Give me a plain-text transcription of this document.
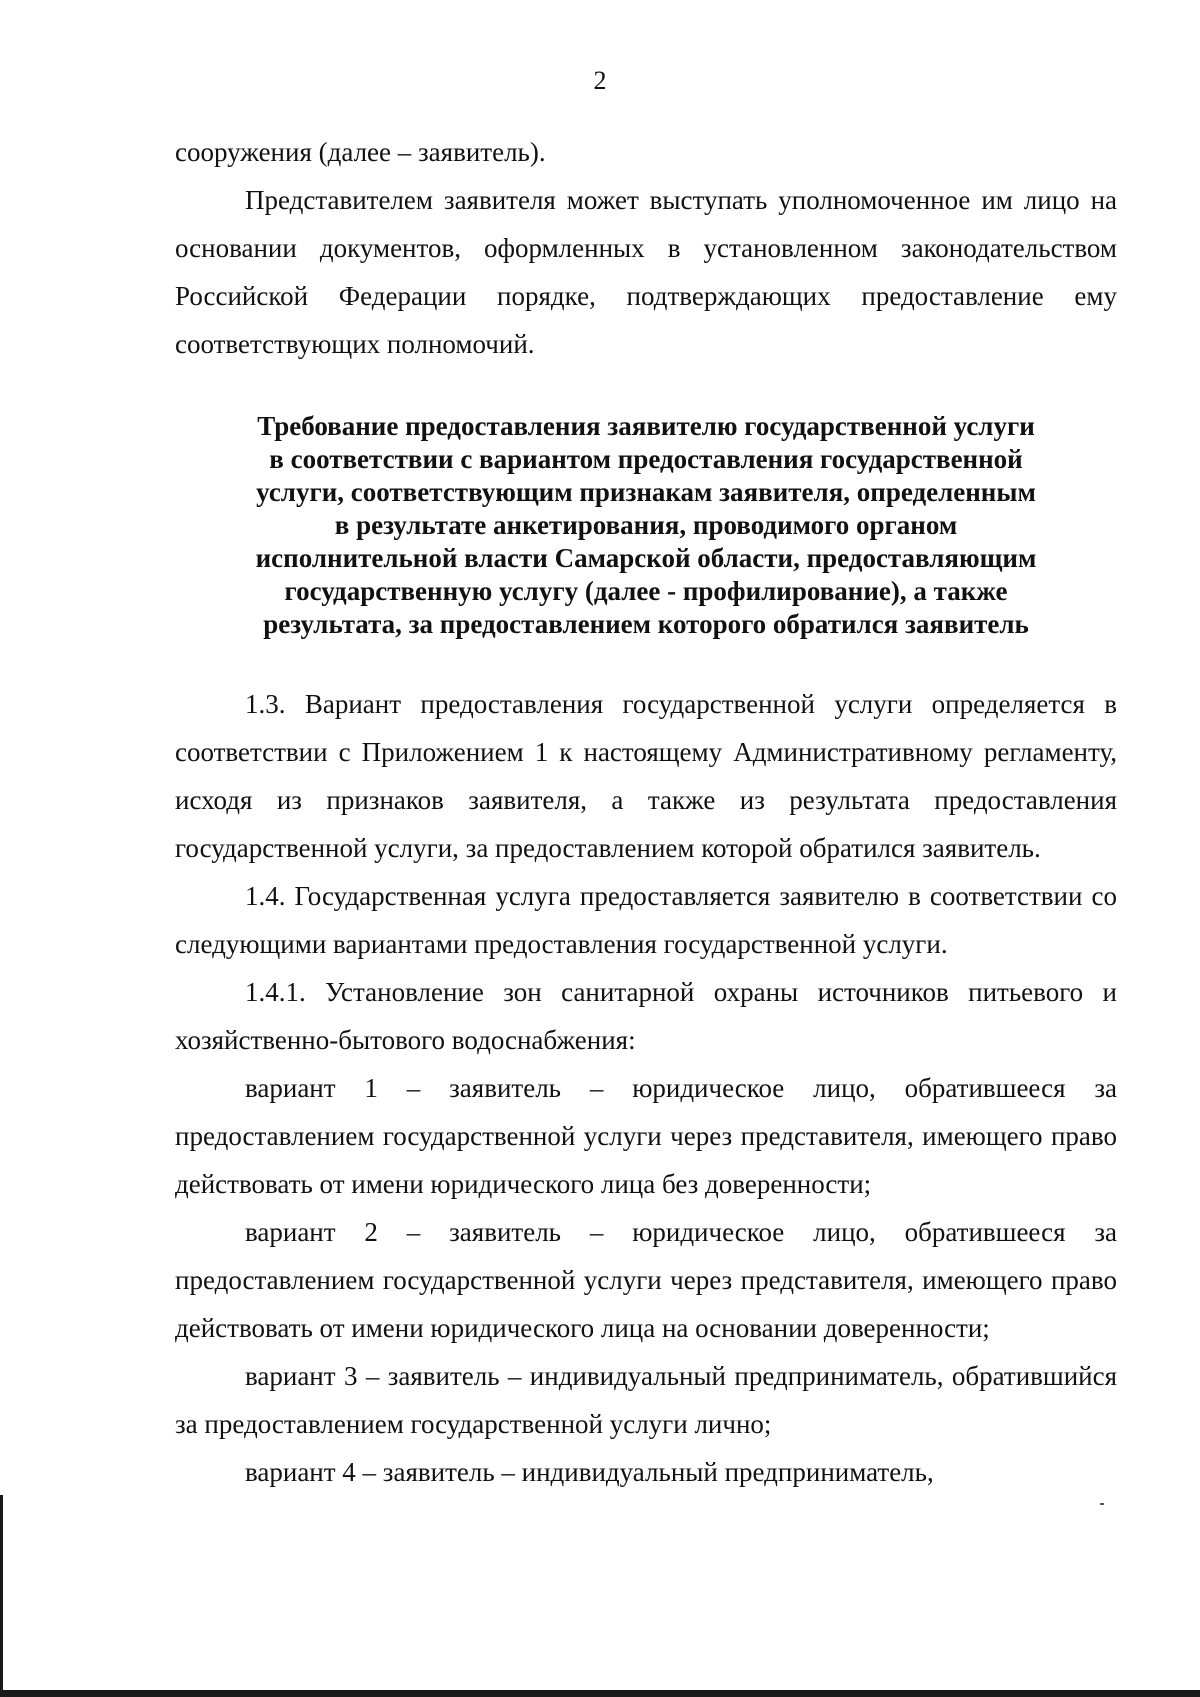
2

сооружения (далее – заявитель).

Представителем заявителя может выступать уполномоченное им лицо на основании документов, оформленных в установленном законодательством Российской Федерации порядке, подтверждающих предоставление ему соответствующих полномочий.

Требование предоставления заявителю государственной услуги
в соответствии с вариантом предоставления государственной
услуги, соответствующим признакам заявителя, определенным
в результате анкетирования, проводимого органом
исполнительной власти Самарской области, предоставляющим
государственную услугу (далее - профилирование), а также
результата, за предоставлением которого обратился заявитель

1.3. Вариант предоставления государственной услуги определяется в соответствии с Приложением 1 к настоящему Административному регламенту, исходя из признаков заявителя, а также из результата предоставления государственной услуги, за предоставлением которой обратился заявитель.

1.4. Государственная услуга предоставляется заявителю в соответствии со следующими вариантами предоставления государственной услуги.

1.4.1. Установление зон санитарной охраны источников питьевого и хозяйственно-бытового водоснабжения:

вариант 1 – заявитель – юридическое лицо, обратившееся за предоставлением государственной услуги через представителя, имеющего право действовать от имени юридического лица без доверенности;

вариант 2 – заявитель – юридическое лицо, обратившееся за предоставлением государственной услуги через представителя, имеющего право действовать от имени юридического лица на основании доверенности;

вариант 3 – заявитель – индивидуальный предприниматель, обратившийся за предоставлением государственной услуги лично;

вариант 4 – заявитель – индивидуальный предприниматель,
